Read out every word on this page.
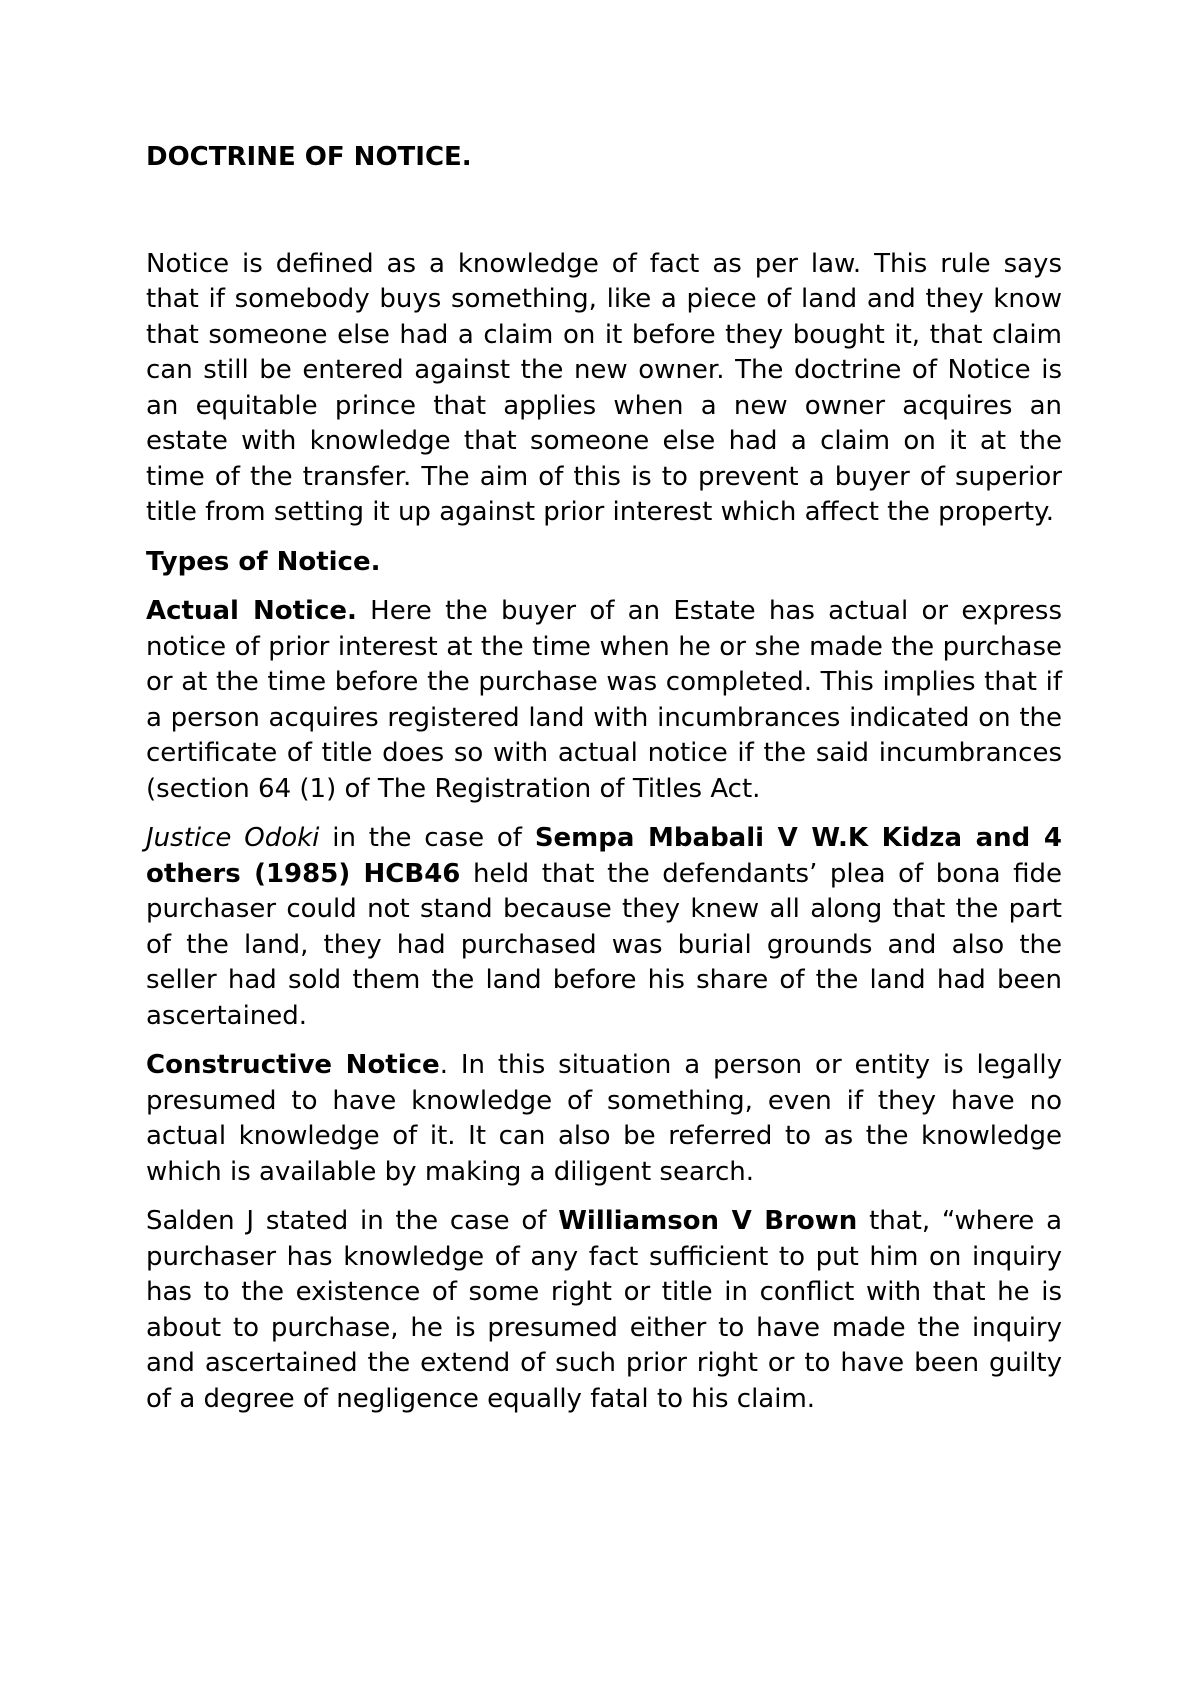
DOCTRINE OF NOTICE.

Notice is defined as a knowledge of fact as per law. This rule says that if somebody buys something, like a piece of land and they know that someone else had a claim on it before they bought it, that claim can still be entered against the new owner. The doctrine of Notice is an equitable prince that applies when a new owner acquires an estate with knowledge that someone else had a claim on it at the time of the transfer. The aim of this is to prevent a buyer of superior title from setting it up against prior interest which affect the property.

Types of Notice.

Actual Notice. Here the buyer of an Estate has actual or express notice of prior interest at the time when he or she made the purchase or at the time before the purchase was completed. This implies that if a person acquires registered land with incumbrances indicated on the certificate of title does so with actual notice if the said incumbrances (section 64 (1) of The Registration of Titles Act.

Justice Odoki in the case of Sempa Mbabali V W.K Kidza and 4 others (1985) HCB46 held that the defendants’ plea of bona fide purchaser could not stand because they knew all along that the part of the land, they had purchased was burial grounds and also the seller had sold them the land before his share of the land had been ascertained.

Constructive Notice. In this situation a person or entity is legally presumed to have knowledge of something, even if they have no actual knowledge of it. It can also be referred to as the knowledge which is available by making a diligent search.

Salden J stated in the case of Williamson V Brown that, “where a purchaser has knowledge of any fact sufficient to put him on inquiry has to the existence of some right or title in conflict with that he is about to purchase, he is presumed either to have made the inquiry and ascertained the extend of such prior right or to have been guilty of a degree of negligence equally fatal to his claim.
